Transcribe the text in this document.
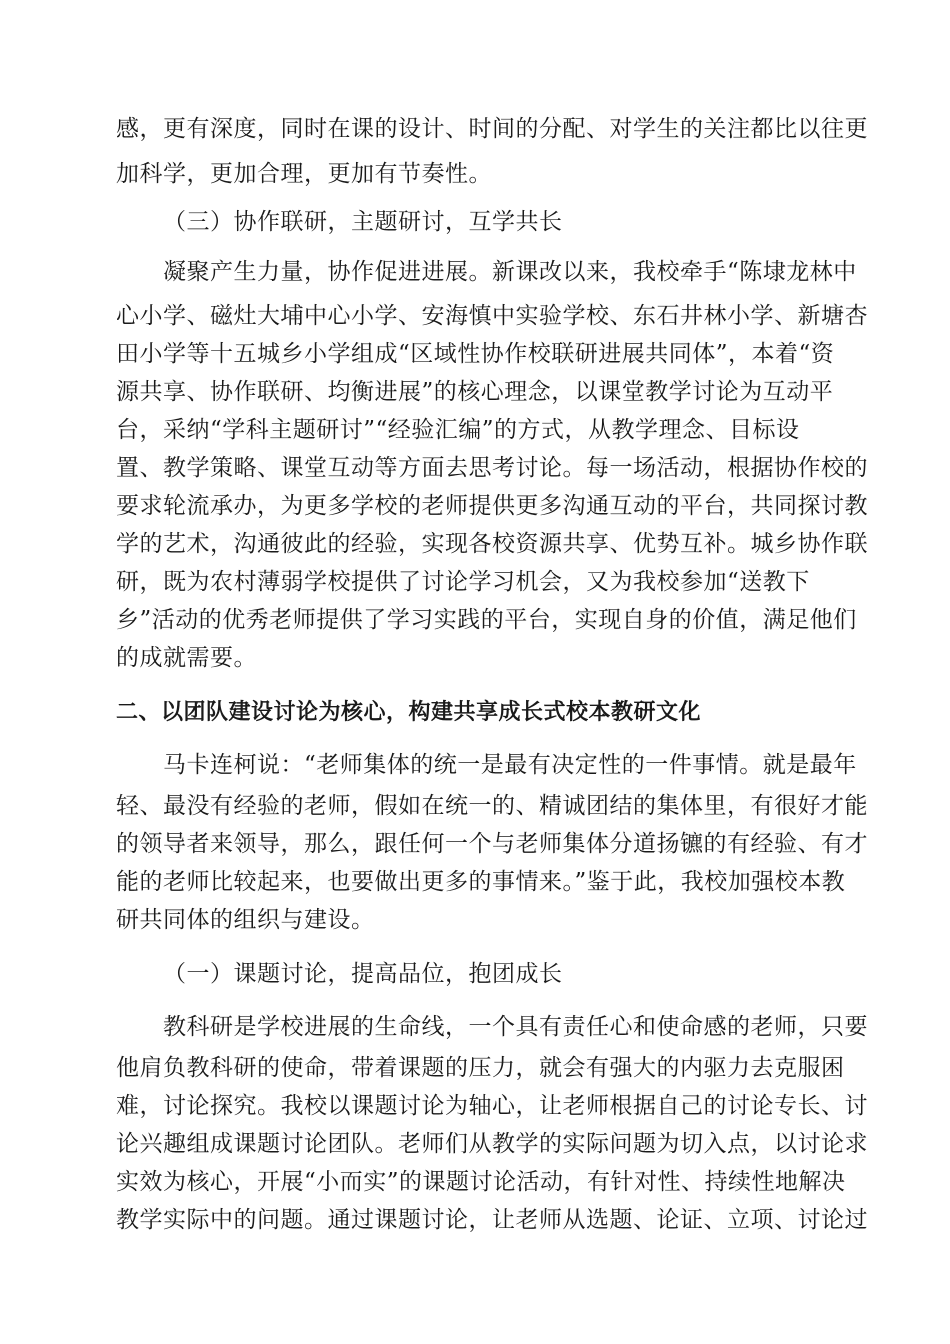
感，更有深度，同时在课的设计、时间的分配、对学生的关注都比以往更
加科学，更加合理，更加有节奏性。
（三）协作联研，主题研讨，互学共长
凝聚产生力量，协作促进进展。新课改以来，我校牵手“陈埭龙林中
心小学、磁灶大埔中心小学、安海慎中实验学校、东石井林小学、新塘杏
田小学等十五城乡小学组成“区域性协作校联研进展共同体”，本着“资
源共享、协作联研、均衡进展”的核心理念，以课堂教学讨论为互动平
台，采纳“学科主题研讨”“经验汇编”的方式，从教学理念、目标设
置、教学策略、课堂互动等方面去思考讨论。每一场活动，根据协作校的
要求轮流承办，为更多学校的老师提供更多沟通互动的平台，共同探讨教
学的艺术，沟通彼此的经验，实现各校资源共享、优势互补。城乡协作联
研，既为农村薄弱学校提供了讨论学习机会，又为我校参加“送教下
乡”活动的优秀老师提供了学习实践的平台，实现自身的价值，满足他们
的成就需要。
二、以团队建设讨论为核心，构建共享成长式校本教研文化
马卡连柯说：“老师集体的统一是最有决定性的一件事情。就是最年
轻、最没有经验的老师，假如在统一的、精诚团结的集体里，有很好才能
的领导者来领导，那么，跟任何一个与老师集体分道扬镳的有经验、有才
能的老师比较起来，也要做出更多的事情来。”鉴于此，我校加强校本教
研共同体的组织与建设。
（一）课题讨论，提高品位，抱团成长
教科研是学校进展的生命线，一个具有责任心和使命感的老师，只要
他肩负教科研的使命，带着课题的压力，就会有强大的内驱力去克服困
难，讨论探究。我校以课题讨论为轴心，让老师根据自己的讨论专长、讨
论兴趣组成课题讨论团队。老师们从教学的实际问题为切入点，以讨论求
实效为核心，开展“小而实”的课题讨论活动，有针对性、持续性地解决
教学实际中的问题。通过课题讨论，让老师从选题、论证、立项、讨论过
